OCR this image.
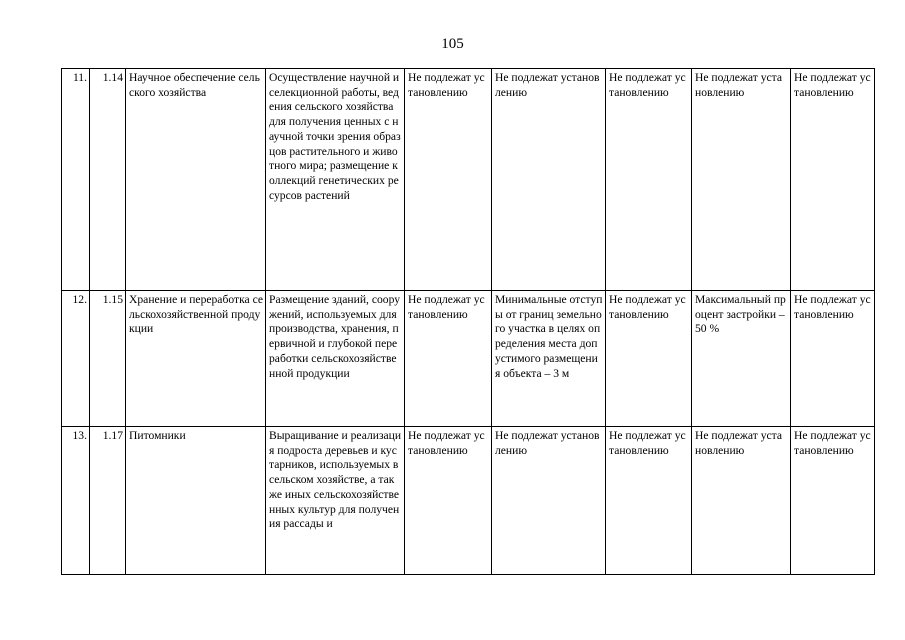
105
11.	1.14	Научное обеспечение сельского хозяйства	Осуществление научной и селекционной работы, ведения сельского хозяйства для получения ценных с научной точки зрения образцов растительного и животного мира; размещение коллекций генетических ресурсов растений	Не подлежат установлению	Не подлежат установлению	Не подлежат установлению	Не подлежат установлению	Не подлежат установлению

12.	1.15	Хранение и переработка сельскохозяйственной продукции	Размещение зданий, сооружений, используемых для производства, хранения, первичной и глубокой переработки сельскохозяйственной продукции	Не подлежат установлению	Минимальные отступы от границ земельного участка в целях определения места допустимого размещения объекта – 3 м	Не подлежат установлению	Максимальный процент застройки – 50 %	Не подлежат установлению

13.	1.17	Питомники	Выращивание и реализация подроста деревьев и кустарников, используемых в сельском хозяйстве, а также иных сельскохозяйственных культур для получения рассады и	Не подлежат установлению	Не подлежат установлению	Не подлежат установлению	Не подлежат установлению	Не подлежат установлению
